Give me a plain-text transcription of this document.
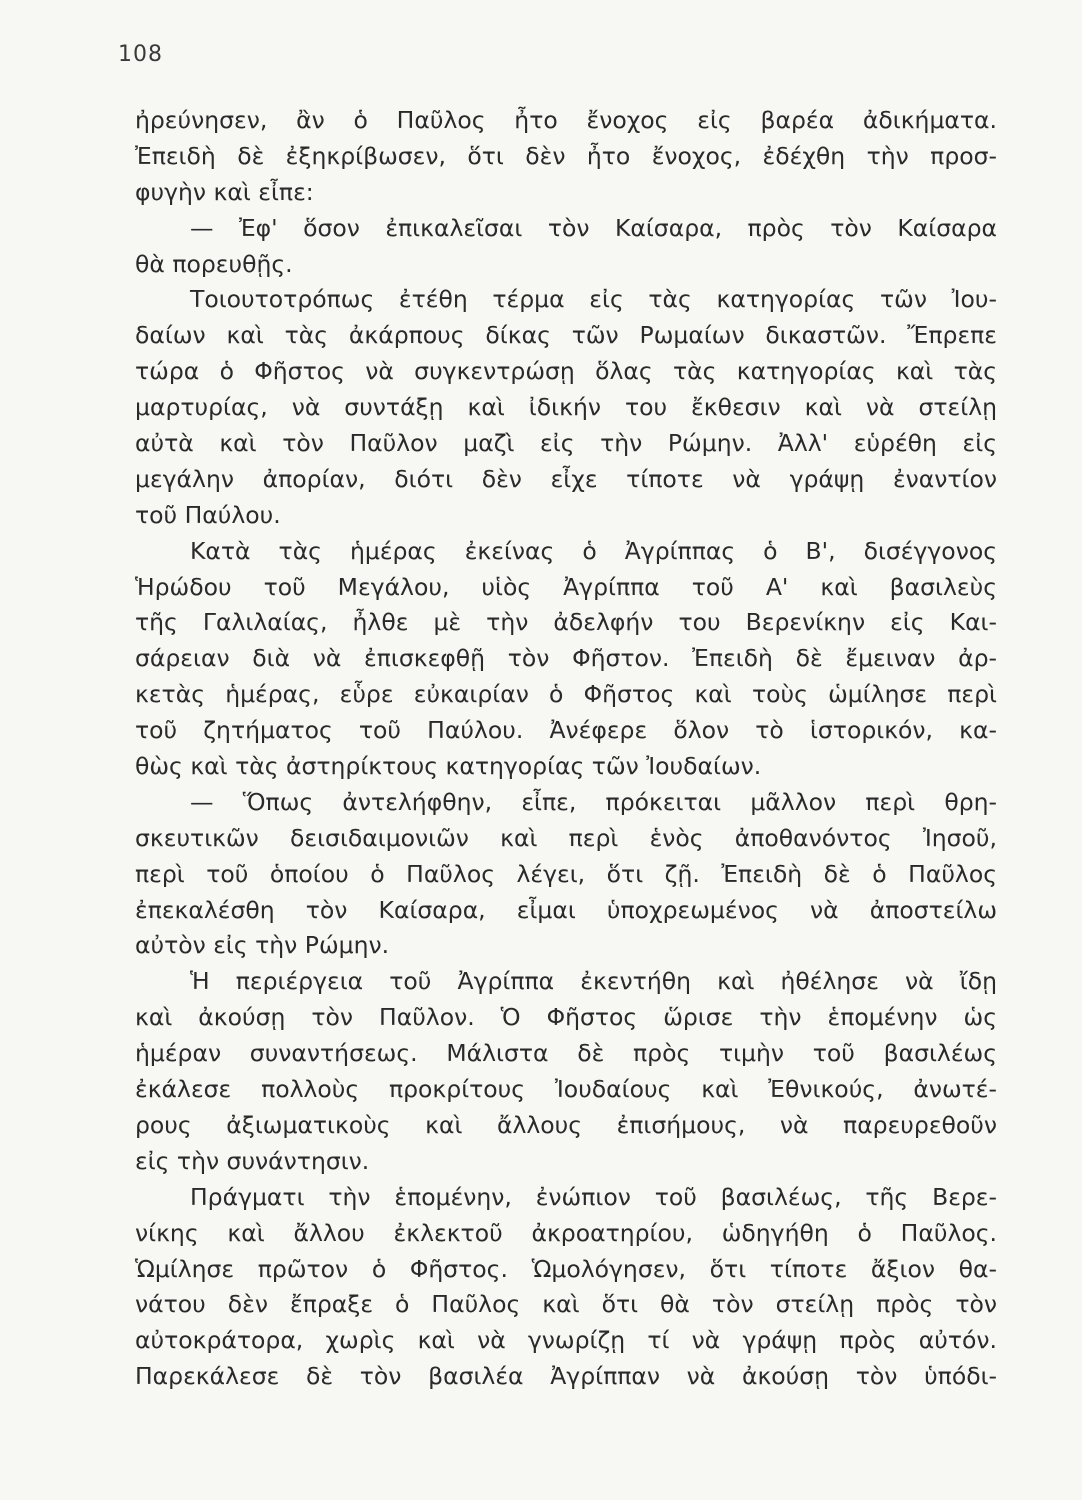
108
ἠρεύνησεν, ἂν ὁ Παῦλος ἦτο ἔνοχος εἰς βαρέα ἀδικήματα.
Ἐπειδὴ δὲ ἐξηκρίβωσεν, ὅτι δὲν ἦτο ἔνοχος, ἐδέχθη τὴν προσ-
φυγὴν καὶ εἶπε:
— Ἐφ' ὅσον ἐπικαλεῖσαι τὸν Καίσαρα, πρὸς τὸν Καίσαρα
θὰ πορευθῇς.
Τοιουτοτρόπως ἐτέθη τέρμα εἰς τὰς κατηγορίας τῶν Ἰου-
δαίων καὶ τὰς ἀκάρπους δίκας τῶν Ρωμαίων δικαστῶν. Ἔπρεπε
τώρα ὁ Φῆστος νὰ συγκεντρώσῃ ὅλας τὰς κατηγορίας καὶ τὰς
μαρτυρίας, νὰ συντάξῃ καὶ ἰδικήν του ἔκθεσιν καὶ νὰ στείλῃ
αὐτὰ καὶ τὸν Παῦλον μαζὶ εἰς τὴν Ρώμην. Ἀλλ' εὑρέθη εἰς
μεγάλην ἀπορίαν, διότι δὲν εἶχε τίποτε νὰ γράψῃ ἐναντίον
τοῦ Παύλου.
Κατὰ τὰς ἡμέρας ἐκείνας ὁ Ἀγρίππας ὁ Β', δισέγγονος
Ἡρώδου τοῦ Μεγάλου, υἱὸς Ἀγρίππα τοῦ Α' καὶ βασιλεὺς
τῆς Γαλιλαίας, ἦλθε μὲ τὴν ἀδελφήν του Βερενίκην εἰς Και-
σάρειαν διὰ νὰ ἐπισκεφθῇ τὸν Φῆστον. Ἐπειδὴ δὲ ἔμειναν ἀρ-
κετὰς ἡμέρας, εὗρε εὐκαιρίαν ὁ Φῆστος καὶ τοὺς ὡμίλησε περὶ
τοῦ ζητήματος τοῦ Παύλου. Ἀνέφερε ὅλον τὸ ἱστορικόν, κα-
θὼς καὶ τὰς ἀστηρίκτους κατηγορίας τῶν Ἰουδαίων.
— Ὅπως ἀντελήφθην, εἶπε, πρόκειται μᾶλλον περὶ θρη-
σκευτικῶν δεισιδαιμονιῶν καὶ περὶ ἑνὸς ἀποθανόντος Ἰησοῦ,
περὶ τοῦ ὁποίου ὁ Παῦλος λέγει, ὅτι ζῇ. Ἐπειδὴ δὲ ὁ Παῦλος
ἐπεκαλέσθη τὸν Καίσαρα, εἶμαι ὑποχρεωμένος νὰ ἀποστείλω
αὐτὸν εἰς τὴν Ρώμην.
Ἡ περιέργεια τοῦ Ἀγρίππα ἐκεντήθη καὶ ἠθέλησε νὰ ἴδῃ
καὶ ἀκούσῃ τὸν Παῦλον. Ὁ Φῆστος ὥρισε τὴν ἑπομένην ὡς
ἡμέραν συναντήσεως. Μάλιστα δὲ πρὸς τιμὴν τοῦ βασιλέως
ἐκάλεσε πολλοὺς προκρίτους Ἰουδαίους καὶ Ἐθνικούς, ἀνωτέ-
ρους ἀξιωματικοὺς καὶ ἄλλους ἐπισήμους, νὰ παρευρεθοῦν
εἰς τὴν συνάντησιν.
Πράγματι τὴν ἑπομένην, ἐνώπιον τοῦ βασιλέως, τῆς Βερε-
νίκης καὶ ἄλλου ἐκλεκτοῦ ἀκροατηρίου, ὡδηγήθη ὁ Παῦλος.
Ὡμίλησε πρῶτον ὁ Φῆστος. Ὡμολόγησεν, ὅτι τίποτε ἄξιον θα-
νάτου δὲν ἔπραξε ὁ Παῦλος καὶ ὅτι θὰ τὸν στείλῃ πρὸς τὸν
αὐτοκράτορα, χωρὶς καὶ νὰ γνωρίζῃ τί νὰ γράψῃ πρὸς αὐτόν.
Παρεκάλεσε δὲ τὸν βασιλέα Ἀγρίππαν νὰ ἀκούσῃ τὸν ὑπόδι-
